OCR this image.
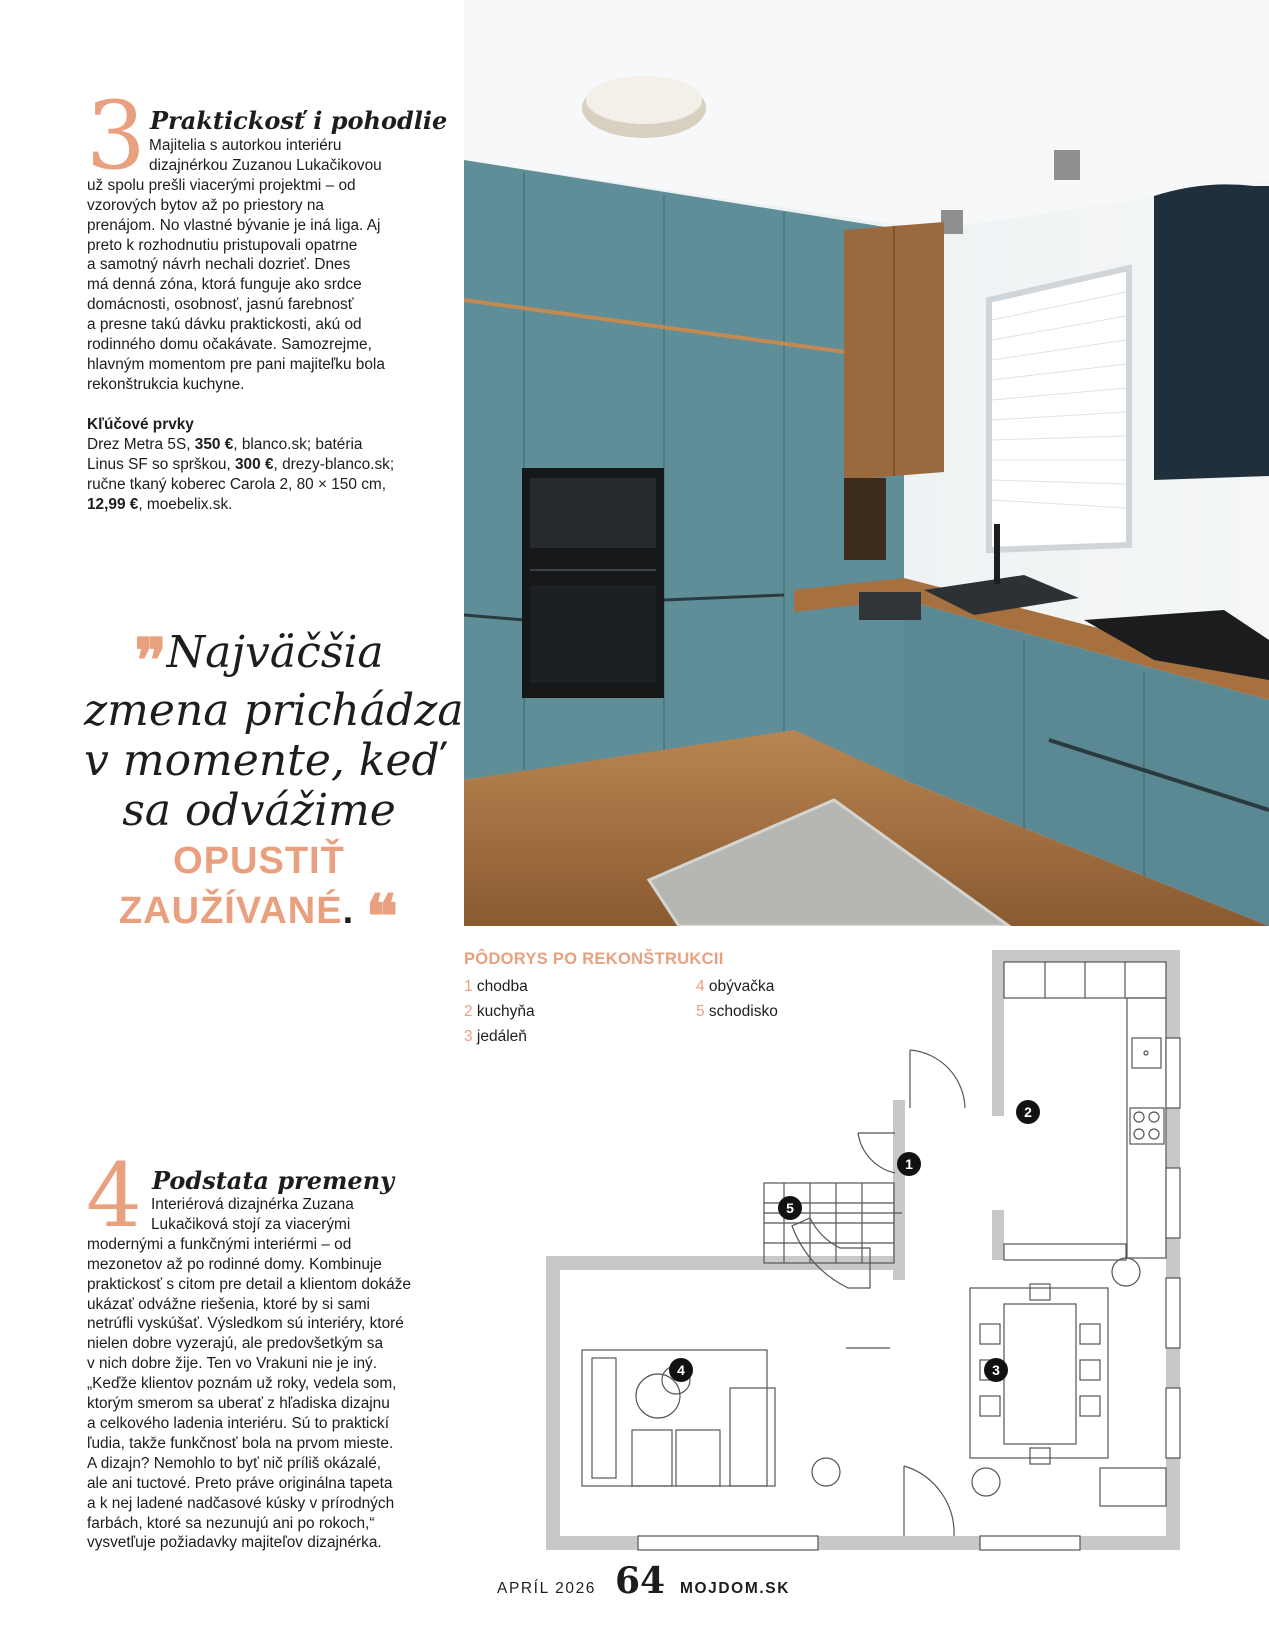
3 Praktickosť i pohodlie

Majitelia s autorkou interiéru

dizajnérkou Zuzanou Lukačikovou

už spolu prešli viacerými projektmi – od

vzorových bytov až po priestory na

prenájom. No vlastné bývanie je iná liga. Aj

preto k rozhodnutiu pristupovali opatrne

a samotný návrh nechali dozrieť. Dnes

má denná zóna, ktorá funguje ako srdce

domácnosti, osobnosť, jasnú farebnosť

a presne takú dávku praktickosti, akú od

rodinného domu očakávate. Samozrejme,

hlavným momentom pre pani majiteľku bola

rekonštrukcia kuchyne.

Kľúčové prvky

Drez Metra 5S, 350 €, blanco.sk; batéria

Linus SF so sprškou, 300 €, drezy-blanco.sk;

ručne tkaný koberec Carola 2, 80 × 150 cm,

12,99 €, moebelix.sk.

❞Najväčšia
zmena prichádza
v momente, keď
sa odvážime
OPUSTIŤ
ZAUŽÍVANÉ. ❝
4 Podstata premeny

Interiérová dizajnérka Zuzana

Lukačiková stojí za viacerými

modernými a funkčnými interiérmi – od

mezonetov až po rodinné domy. Kombinuje

praktickosť s citom pre detail a klientom dokáže

ukázať odvážne riešenia, ktoré by si sami

netrúfli vyskúšať. Výsledkom sú interiéry, ktoré

nielen dobre vyzerajú, ale predovšetkým sa

v nich dobre žije. Ten vo Vrakuni nie je iný.

„Keďže klientov poznám už roky, vedela som,

ktorým smerom sa uberať z hľadiska dizajnu

a celkového ladenia interiéru. Sú to praktickí

ľudia, takže funkčnosť bola na prvom mieste.

A dizajn? Nemohlo to byť nič príliš okázalé,

ale ani tuctové. Preto práve originálna tapeta

a k nej ladené nadčasové kúsky v prírodných

farbách, ktoré sa nezunujú ani po rokoch,“

vysvetľuje požiadavky majiteľov dizajnérka.

PÔDORYS PO REKONŠTRUKCII
1 chodba
2 kuchyňa
3 jedáleň
4 obývačka
5 schodisko
1
2
3
4
5
APRÍL 2026 64 MOJDOM.SK
